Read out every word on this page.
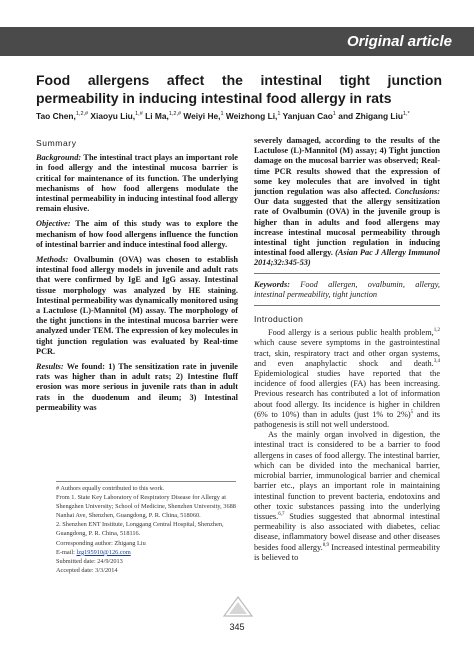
Original article
Food allergens affect the intestinal tight junction permeability in inducing intestinal food allergy in rats
Tao Chen,$^{1,2,\#}$ Xiaoyu Liu,$^{1,\#}$ Li Ma,$^{1,2,\#}$ Weiyi He,$^1$ Weizhong Li,$^1$ Yanjuan Cao$^1$ and Zhigang Liu$^{1,*}$
Summary

Background: The intestinal tract plays an important role in food allergy and the intestinal mucosa barrier is critical for maintenance of its function. The underlying mechanisms of how food allergens modulate the intestinal permeability in inducing intestinal food allergy remain elusive.

Objective: The aim of this study was to explore the mechanism of how food allergens influence the function of intestinal barrier and induce intestinal food allergy.

Methods: Ovalbumin (OVA) was chosen to establish intestinal food allergy models in juvenile and adult rats that were confirmed by IgE and IgG assay. Intestinal tissue morphology was analyzed by HE staining. Intestinal permeability was dynamically monitored using a Lactulose (L)-Mannitol (M) assay. The morphology of the tight junctions in the intestinal mucosa barrier were analyzed under TEM. The expression of key molecules in tight junction regulation was evaluated by Real-time PCR.

Results: We found: 1) The sensitization rate in juvenile rats was higher than in adult rats; 2) Intestine fluff erosion was more serious in juvenile rats than in adult rats in the duodenum and ileum; 3) Intestinal permeability was

# Authors equally contributed to this work.
From 1. State Key Laboratory of Respiratory Disease for Allergy at Shengzhen University; School of Medicine, Shenzhen University, 3688 Nanhai Ave, Shenzhen, Guangdong, P. R. China, 518060.
2. Shenzhen ENT Institute, Longgang Central Hospital, Shenzhen, Guangdong, P. R. China, 518116.
Corresponding author: Zhigang Liu
E-mail: lzg195910@126.com
Submitted date: 24/9/2013
Accepted date: 3/3/2014

severely damaged, according to the results of the Lactulose (L)-Mannitol (M) assay; 4) Tight junction damage on the mucosal barrier was observed; Real-time PCR results showed that the expression of some key molecules that are involved in tight junction regulation was also affected. Conclusions: Our data suggested that the allergy sensitization rate of Ovalbumin (OVA) in the juvenile group is higher than in adults and food allergens may increase intestinal mucosal permeability through intestinal tight junction regulation in inducing intestinal food allergy. (Asian Pac J Allergy Immunol 2014;32:345-53)

Keywords: Food allergen, ovalbumin, allergy, intestinal permeability, tight junction

Introduction

Food allergy is a serious public health problem,$^{1,2}$ which cause severe symptoms in the gastrointestinal tract, skin, respiratory tract and other organ systems, and even anaphylactic shock and death.$^{3,4}$ Epidemiological studies have reported that the incidence of food allergies (FA) has been increasing. Previous research has contributed a lot of information about food allergy. Its incidence is higher in children (6% to 10%) than in adults (just 1% to 2%)$^5$ and its pathogenesis is still not well understood.

As the mainly organ involved in digestion, the intestinal tract is considered to be a barrier to food allergens in cases of food allergy. The intestinal barrier, which can be divided into the mechanical barrier, microbial barrier, immunological barrier and chemical barrier etc., plays an important role in maintaining intestinal function to prevent bacteria, endotoxins and other toxic substances passing into the underlying tissues.$^{6,7}$ Studies suggested that abnormal intestinal permeability is also associated with diabetes, celiac disease, inflammatory bowel disease and other diseases besides food allergy.$^{8,9}$ Increased intestinal permeability is believed to

345
